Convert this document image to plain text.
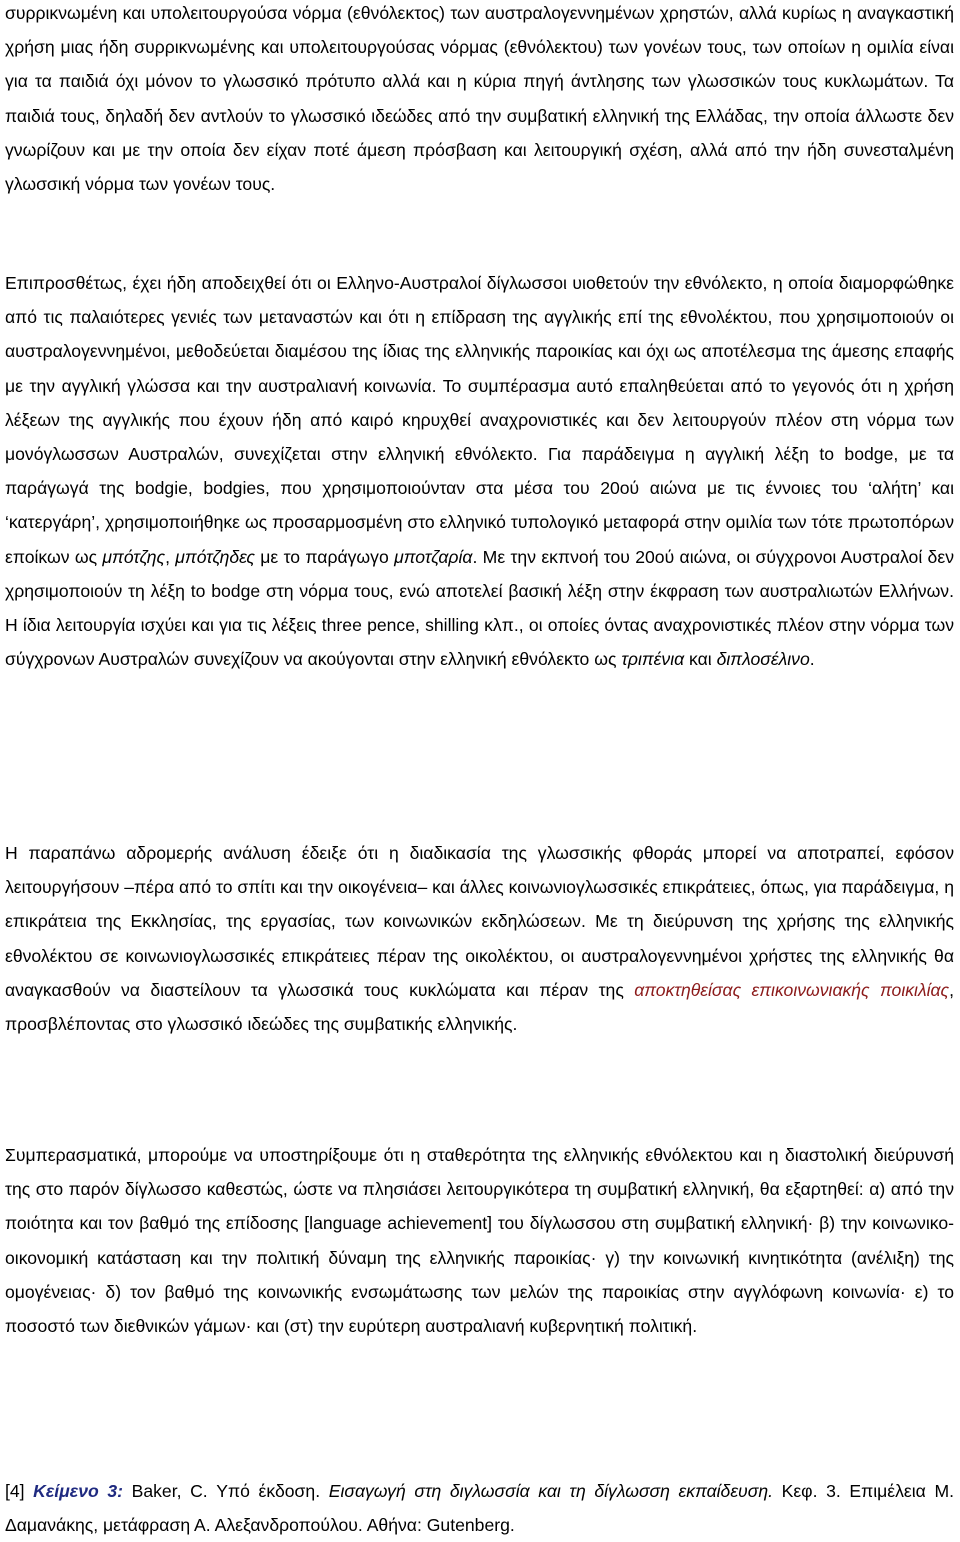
συρρικνωμένη και υπολειτουργούσα νόρμα (εθνόλεκτος) των αυστραλογεννημένων χρηστών, αλλά κυρίως η αναγκαστική χρήση μιας ήδη συρρικνωμένης και υπολειτουργούσας νόρμας (εθνόλεκτου) των γονέων τους, των οποίων η ομιλία είναι για τα παιδιά όχι μόνον το γλωσσικό πρότυπο αλλά και η κύρια πηγή άντλησης των γλωσσικών τους κυκλωμάτων. Τα παιδιά τους, δηλαδή δεν αντλούν το γλωσσικό ιδεώδες από την συμβατική ελληνική της Ελλάδας, την οποία άλλωστε δεν γνωρίζουν και με την οποία δεν είχαν ποτέ άμεση πρόσβαση και λειτουργική σχέση, αλλά από την ήδη συνεσταλμένη γλωσσική νόρμα των γονέων τους.

Επιπροσθέτως, έχει ήδη αποδειχθεί ότι οι Ελληνο-Αυστραλοί δίγλωσσοι υιοθετούν την εθνόλεκτο, η οποία διαμορφώθηκε από τις παλαιότερες γενιές των μεταναστών και ότι η επίδραση της αγγλικής επί της εθνολέκτου, που χρησιμοποιούν οι αυστραλογεννημένοι, μεθοδεύεται διαμέσου της ίδιας της ελληνικής παροικίας και όχι ως αποτέλεσμα της άμεσης επαφής με την αγγλική γλώσσα και την αυστραλιανή κοινωνία. Το συμπέρασμα αυτό επαληθεύεται από το γεγονός ότι η χρήση λέξεων της αγγλικής που έχουν ήδη από καιρό κηρυχθεί αναχρονιστικές και δεν λειτουργούν πλέον στη νόρμα των μονόγλωσσων Αυστραλών, συνεχίζεται στην ελληνική εθνόλεκτο. Για παράδειγμα η αγγλική λέξη to bodge, με τα παράγωγά της bodgie, bodgies, που χρησιμοποιούνταν στα μέσα του 20ού αιώνα με τις έννοιες του ‘αλήτη’ και ‘κατεργάρη’, χρησιμοποιήθηκε ως προσαρμοσμένη στο ελληνικό τυπολογικό μεταφορά στην ομιλία των τότε πρωτοπόρων εποίκων ως μπότζης, μπότζηδες με το παράγωγο μποτζαρία. Με την εκπνοή του 20ού αιώνα, οι σύγχρονοι Αυστραλοί δεν χρησιμοποιούν τη λέξη to bodge στη νόρμα τους, ενώ αποτελεί βασική λέξη στην έκφραση των αυστραλιωτών Ελλήνων. Η ίδια λειτουργία ισχύει και για τις λέξεις three pence, shilling κλπ., οι οποίες όντας αναχρονιστικές πλέον στην νόρμα των σύγχρονων Αυστραλών συνεχίζουν να ακούγονται στην ελληνική εθνόλεκτο ως τριπένια και διπλοσέλινο.

Η παραπάνω αδρομερής ανάλυση έδειξε ότι η διαδικασία της γλωσσικής φθοράς μπορεί να αποτραπεί, εφόσον λειτουργήσουν –πέρα από το σπίτι και την οικογένεια– και άλλες κοινωνιογλωσσικές επικράτειες, όπως, για παράδειγμα, η επικράτεια της Εκκλησίας, της εργασίας, των κοινωνικών εκδηλώσεων. Με τη διεύρυνση της χρήσης της ελληνικής εθνολέκτου σε κοινωνιογλωσσικές επικράτειες πέραν της οικολέκτου, οι αυστραλογεννημένοι χρήστες της ελληνικής θα αναγκασθούν να διαστείλουν τα γλωσσικά τους κυκλώματα και πέραν της αποκτηθείσας επικοινωνιακής ποικιλίας, προσβλέποντας στο γλωσσικό ιδεώδες της συμβατικής ελληνικής.

Συμπερασματικά, μπορούμε να υποστηρίξουμε ότι η σταθερότητα της ελληνικής εθνόλεκτου και η διαστολική διεύρυνσή της στο παρόν δίγλωσσο καθεστώς, ώστε να πλησιάσει λειτουργικότερα τη συμβατική ελληνική, θα εξαρτηθεί: α) από την ποιότητα και τον βαθμό της επίδοσης [language achievement] του δίγλωσσου στη συμβατική ελληνική· β) την κοινωνικο-οικονομική κατάσταση και την πολιτική δύναμη της ελληνικής παροικίας· γ) την κοινωνική κινητικότητα (ανέλιξη) της ομογένειας· δ) τον βαθμό της κοινωνικής ενσωμάτωσης των μελών της παροικίας στην αγγλόφωνη κοινωνία· ε) το ποσοστό των διεθνικών γάμων· και (στ) την ευρύτερη αυστραλιανή κυβερνητική πολιτική.

[4] Κείμενο 3: Baker, C. Υπό έκδοση. Εισαγωγή στη διγλωσσία και τη δίγλωσση εκπαίδευση. Κεφ. 3. Επιμέλεια Μ. Δαμανάκης, μετάφραση Α. Αλεξανδροπούλου. Αθήνα: Gutenberg.
